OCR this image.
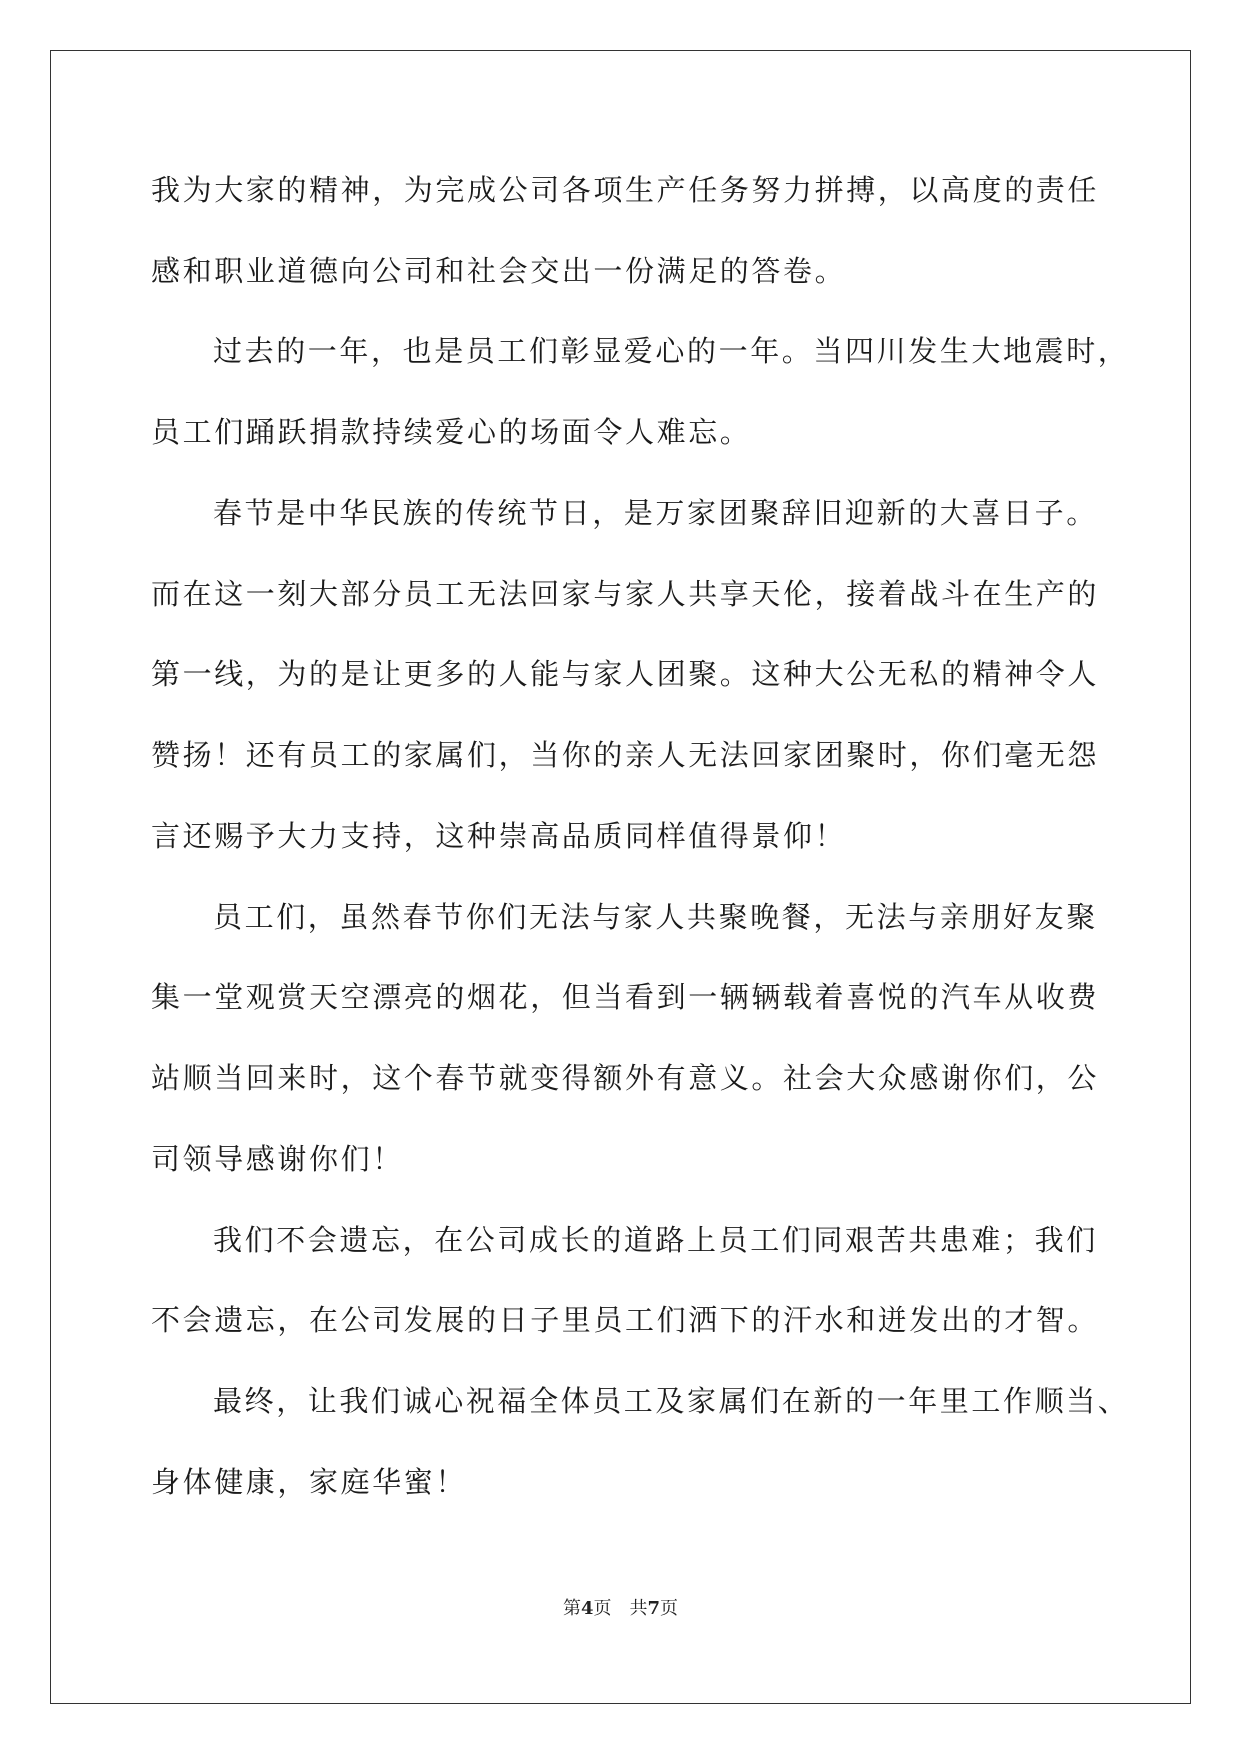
我为大家的精神，为完成公司各项生产任务努力拼搏，以高度的责任
感和职业道德向公司和社会交出一份满足的答卷。
过去的一年，也是员工们彰显爱心的一年。当四川发生大地震时，
员工们踊跃捐款持续爱心的场面令人难忘。
春节是中华民族的传统节日，是万家团聚辞旧迎新的大喜日子。
而在这一刻大部分员工无法回家与家人共享天伦，接着战斗在生产的
第一线，为的是让更多的人能与家人团聚。这种大公无私的精神令人
赞扬！还有员工的家属们，当你的亲人无法回家团聚时，你们毫无怨
言还赐予大力支持，这种崇高品质同样值得景仰！
员工们，虽然春节你们无法与家人共聚晚餐，无法与亲朋好友聚
集一堂观赏天空漂亮的烟花，但当看到一辆辆载着喜悦的汽车从收费
站顺当回来时，这个春节就变得额外有意义。社会大众感谢你们，公
司领导感谢你们！
我们不会遗忘，在公司成长的道路上员工们同艰苦共患难；我们
不会遗忘，在公司发展的日子里员工们洒下的汗水和迸发出的才智。
最终，让我们诚心祝福全体员工及家属们在新的一年里工作顺当、
身体健康，家庭华蜜！
第4页 共7页
